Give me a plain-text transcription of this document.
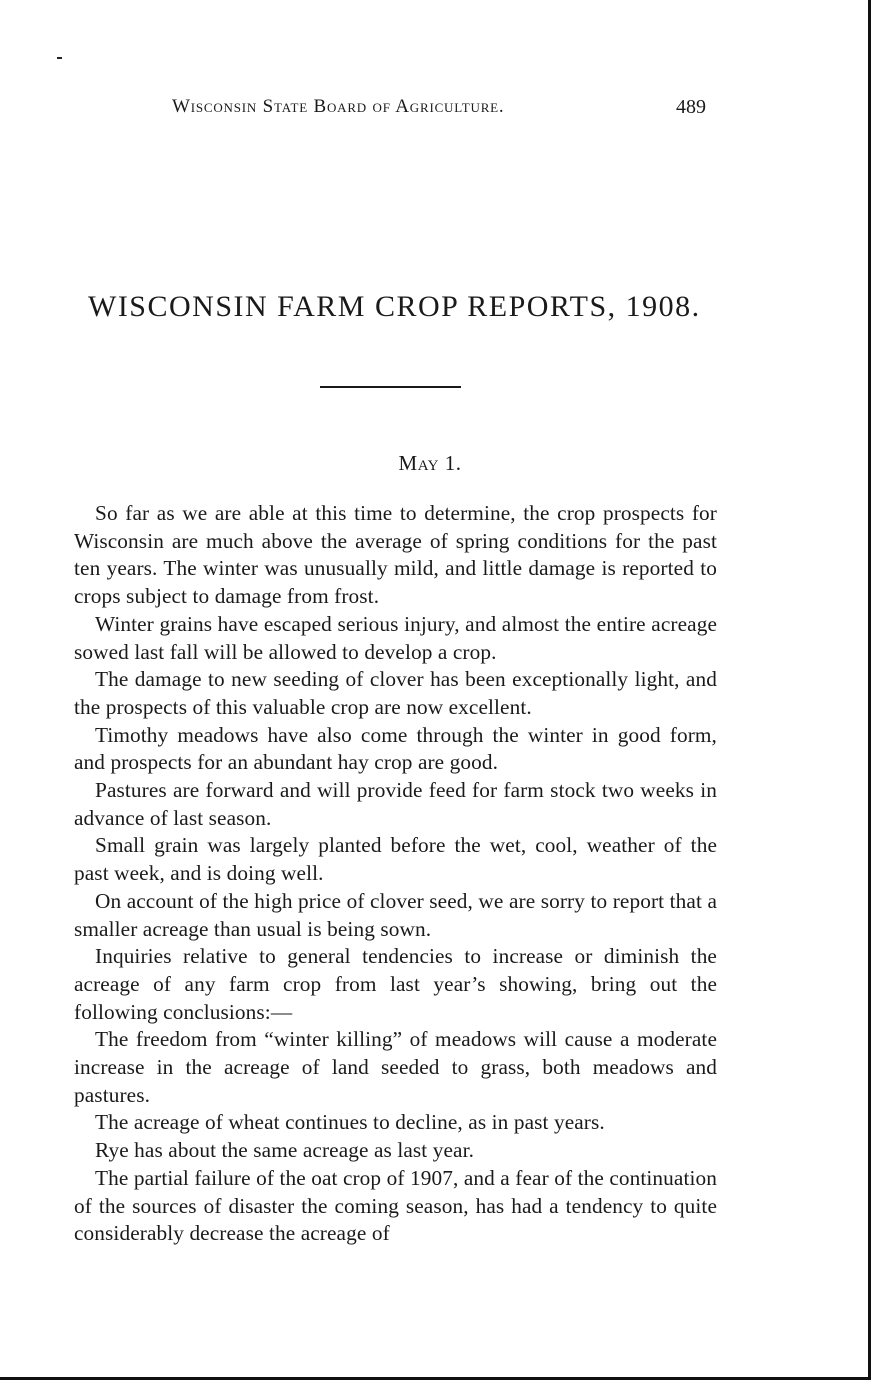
Wisconsin State Board of Agriculture.	489
WISCONSIN FARM CROP REPORTS, 1908.
May 1.

So far as we are able at this time to determine, the crop prospects for Wisconsin are much above the average of spring conditions for the past ten years. The winter was unusually mild, and little damage is reported to crops subject to damage from frost.

Winter grains have escaped serious injury, and almost the entire acreage sowed last fall will be allowed to develop a crop.

The damage to new seeding of clover has been exceptionally light, and the prospects of this valuable crop are now excellent.

Timothy meadows have also come through the winter in good form, and prospects for an abundant hay crop are good.

Pastures are forward and will provide feed for farm stock two weeks in advance of last season.

Small grain was largely planted before the wet, cool, weather of the past week, and is doing well.

On account of the high price of clover seed, we are sorry to report that a smaller acreage than usual is being sown.

Inquiries relative to general tendencies to increase or diminish the acreage of any farm crop from last year’s showing, bring out the following conclusions:—

The freedom from “winter killing” of meadows will cause a moderate increase in the acreage of land seeded to grass, both meadows and pastures.

The acreage of wheat continues to decline, as in past years.

Rye has about the same acreage as last year.

The partial failure of the oat crop of 1907, and a fear of the continuation of the sources of disaster the coming season, has had a tendency to quite considerably decrease the acreage of
